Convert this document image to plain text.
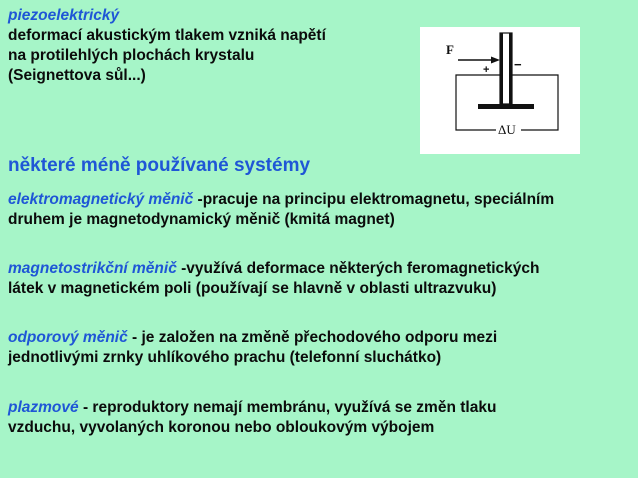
piezoelektrický
deformací akustickým tlakem vzniká napětí
na protilehlých plochách krystalu
(Seignettova sůl...)
F
+ −
ΔU
některé méně používané systémy
elektromagnetický měnič -pracuje na principu elektromagnetu, speciálním
druhem je magnetodynamický měnič (kmitá magnet)
magnetostrikční měnič -využívá deformace některých feromagnetických
látek v magnetickém poli (používají se hlavně v oblasti ultrazvuku)
odporový měnič - je založen na změně přechodového odporu mezi
jednotlivými zrnky uhlíkového prachu (telefonní sluchátko)
plazmové - reproduktory nemají membránu, využívá se změn tlaku
vzduchu, vyvolaných koronou nebo obloukovým výbojem
